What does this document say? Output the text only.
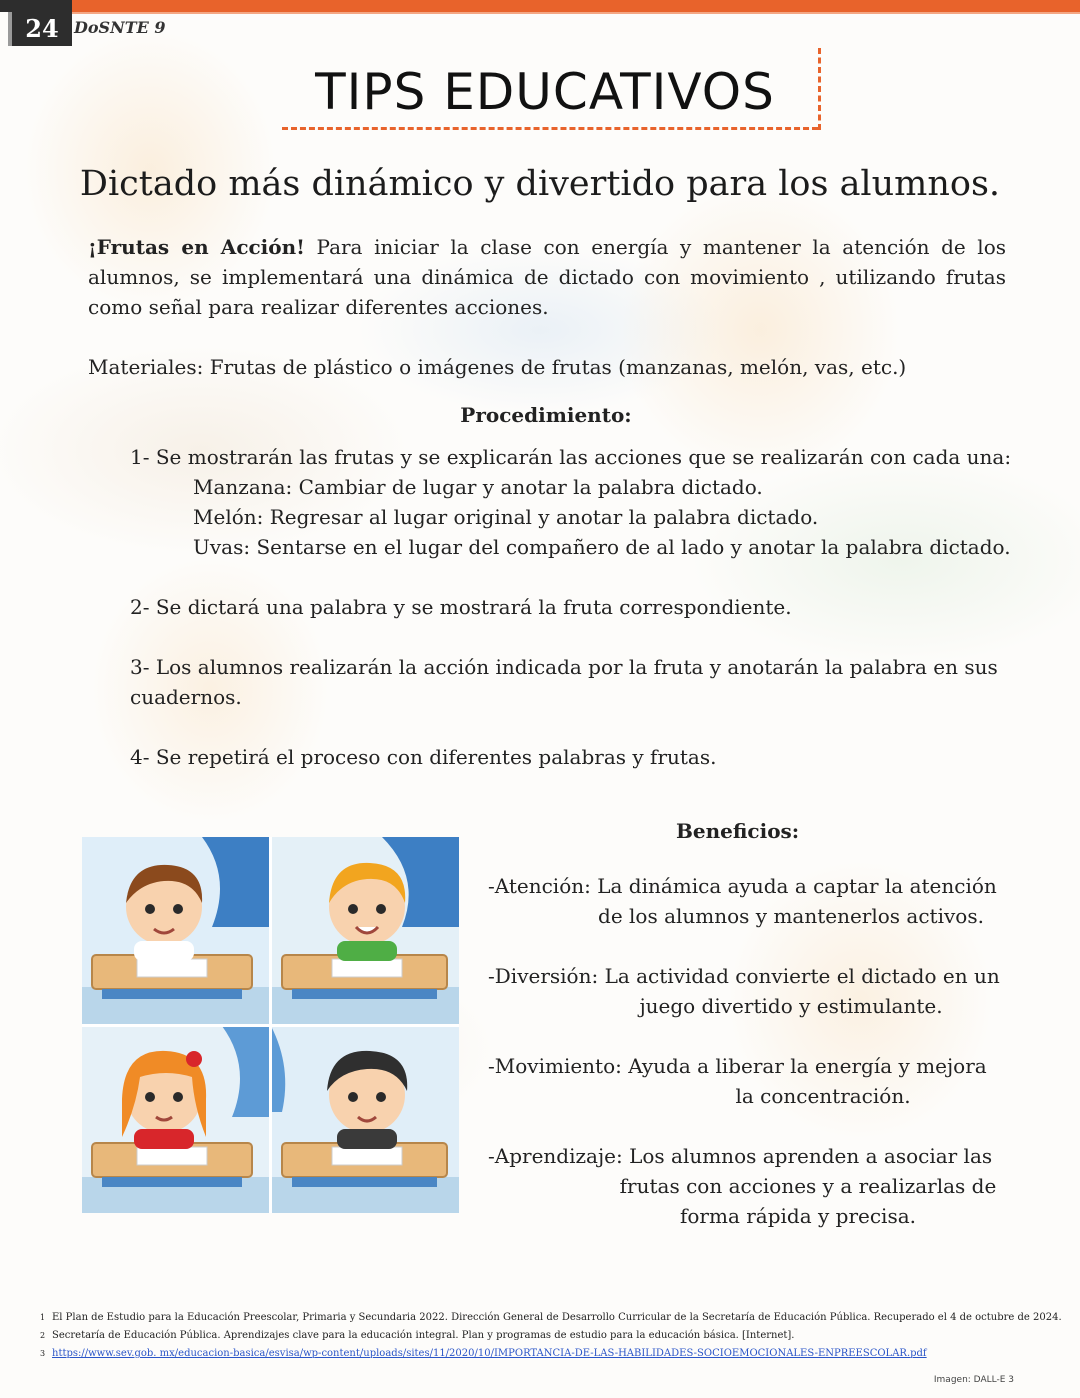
24 DoSNTE 9
TIPS EDUCATIVOS
Dictado más dinámico y divertido para los alumnos.
¡Frutas en Acción! Para iniciar la clase con energía y mantener la atención de los alumnos, se implementará una dinámica de dictado con movimiento , utilizando frutas como señal para realizar diferentes acciones.
Materiales: Frutas de plástico o imágenes de frutas (manzanas, melón, vas, etc.)
Procedimiento:
1- Se mostrarán las frutas y se explicarán las acciones que se realizarán con cada una:
Manzana: Cambiar de lugar y anotar la palabra dictado.
Melón: Regresar al lugar original y anotar la palabra dictado.
Uvas: Sentarse en el lugar del compañero de al lado y anotar la palabra dictado.
2- Se dictará una palabra y se mostrará la fruta correspondiente.
3- Los alumnos realizarán la acción indicada por la fruta y anotarán la palabra en sus cuadernos.
4- Se repetirá el proceso con diferentes palabras y frutas.
Beneficios:
-Atención: La dinámica ayuda a captar la atención
de los alumnos y mantenerlos activos.
-Diversión: La actividad convierte el dictado en un
juego divertido y estimulante.
-Movimiento: Ayuda a liberar la energía y mejora
la concentración.
-Aprendizaje: Los alumnos aprenden a asociar las
frutas con acciones y a realizarlas de
forma rápida y precisa.
1 El Plan de Estudio para la Educación Preescolar, Primaria y Secundaria 2022. Dirección General de Desarrollo Curricular de la Secretaría de Educación Pública. Recuperado el 4 de octubre de 2024.
2 Secretaría de Educación Pública. Aprendizajes clave para la educación integral. Plan y programas de estudio para la educación básica. [Internet].
3 https://www.sev.gob. mx/educacion-basica/esvisa/wp-content/uploads/sites/11/2020/10/IMPORTANCIA-DE-LAS-HABILIDADES-SOCIOEMOCIONALES-ENPREESCOLAR.pdf
Imagen: DALL-E 3
